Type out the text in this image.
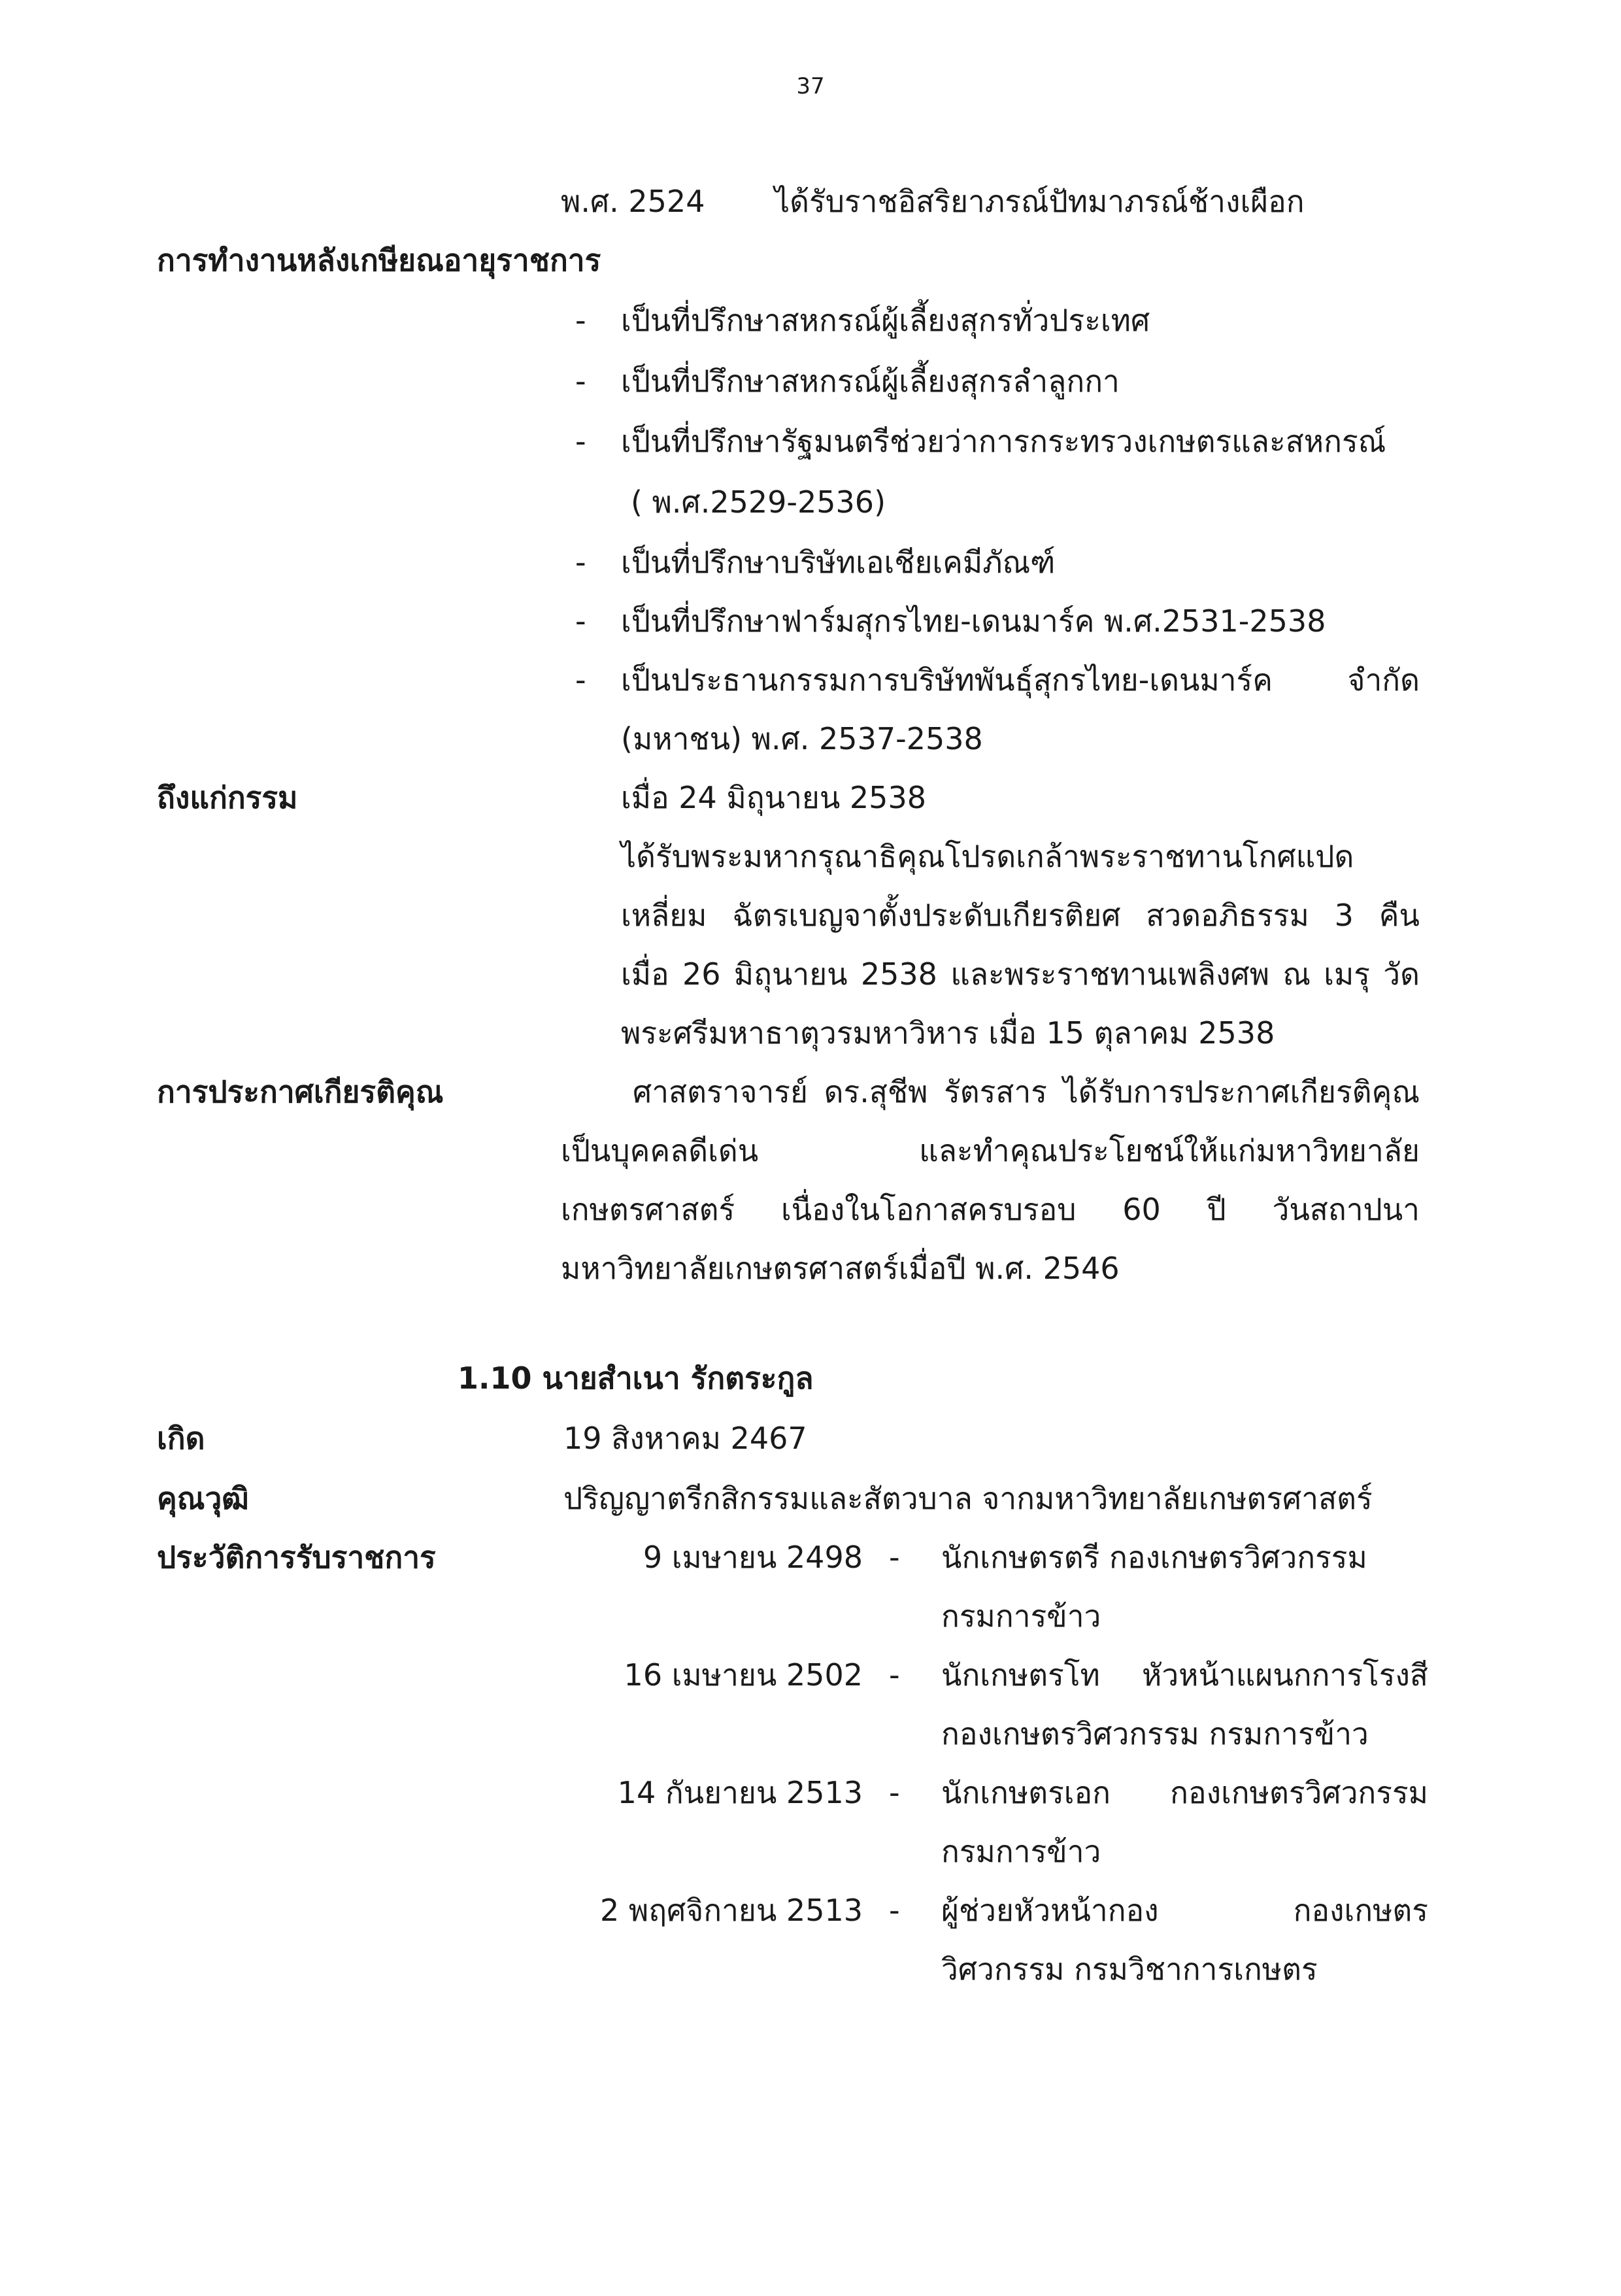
37
พ.ศ. 2524 ได้รับราชอิสริยาภรณ์ปัทมาภรณ์ช้างเผือก
การทำงานหลังเกษียณอายุราชการ
- เป็นที่ปรึกษาสหกรณ์ผู้เลี้ยงสุกรทั่วประเทศ
- เป็นที่ปรึกษาสหกรณ์ผู้เลี้ยงสุกรลำลูกกา
- เป็นที่ปรึกษารัฐมนตรีช่วยว่าการกระทรวงเกษตรและสหกรณ์
( พ.ศ.2529-2536)
- เป็นที่ปรึกษาบริษัทเอเชียเคมีภัณฑ์
- เป็นที่ปรึกษาฟาร์มสุกรไทย-เดนมาร์ค พ.ศ.2531-2538
- เป็นประธานกรรมการบริษัทพันธุ์สุกรไทย-เดนมาร์ค จำกัด
(มหาชน) พ.ศ. 2537-2538
ถึงแก่กรรม	เมื่อ 24 มิถุนายน 2538
ได้รับพระมหากรุณาธิคุณโปรดเกล้าพระราชทานโกศแปด
เหลี่ยม ฉัตรเบญจาตั้งประดับเกียรติยศ สวดอภิธรรม 3 คืน
เมื่อ 26 มิถุนายน 2538 และพระราชทานเพลิงศพ ณ เมรุ วัด
พระศรีมหาธาตุวรมหาวิหาร เมื่อ 15 ตุลาคม 2538
การประกาศเกียรติคุณ	ศาสตราจารย์ ดร.สุชีพ รัตรสาร ได้รับการประกาศเกียรติคุณ
เป็นบุคคลดีเด่น และทำคุณประโยชน์ให้แก่มหาวิทยาลัย
เกษตรศาสตร์ เนื่องในโอกาสครบรอบ 60 ปี วันสถาปนา
มหาวิทยาลัยเกษตรศาสตร์เมื่อปี พ.ศ. 2546
1.10 นายสำเนา รักตระกูล
เกิด	19 สิงหาคม 2467
คุณวุฒิ	ปริญญาตรีกสิกรรมและสัตวบาล จากมหาวิทยาลัยเกษตรศาสตร์
ประวัติการรับราชการ	9 เมษายน 2498 - นักเกษตรตรี กองเกษตรวิศวกรรม
กรมการข้าว
16 เมษายน 2502 - นักเกษตรโท หัวหน้าแผนกการโรงสี
กองเกษตรวิศวกรรม กรมการข้าว
14 กันยายน 2513 - นักเกษตรเอก กองเกษตรวิศวกรรม
กรมการข้าว
2 พฤศจิกายน 2513 - ผู้ช่วยหัวหน้ากอง กองเกษตร
วิศวกรรม กรมวิชาการเกษตร
